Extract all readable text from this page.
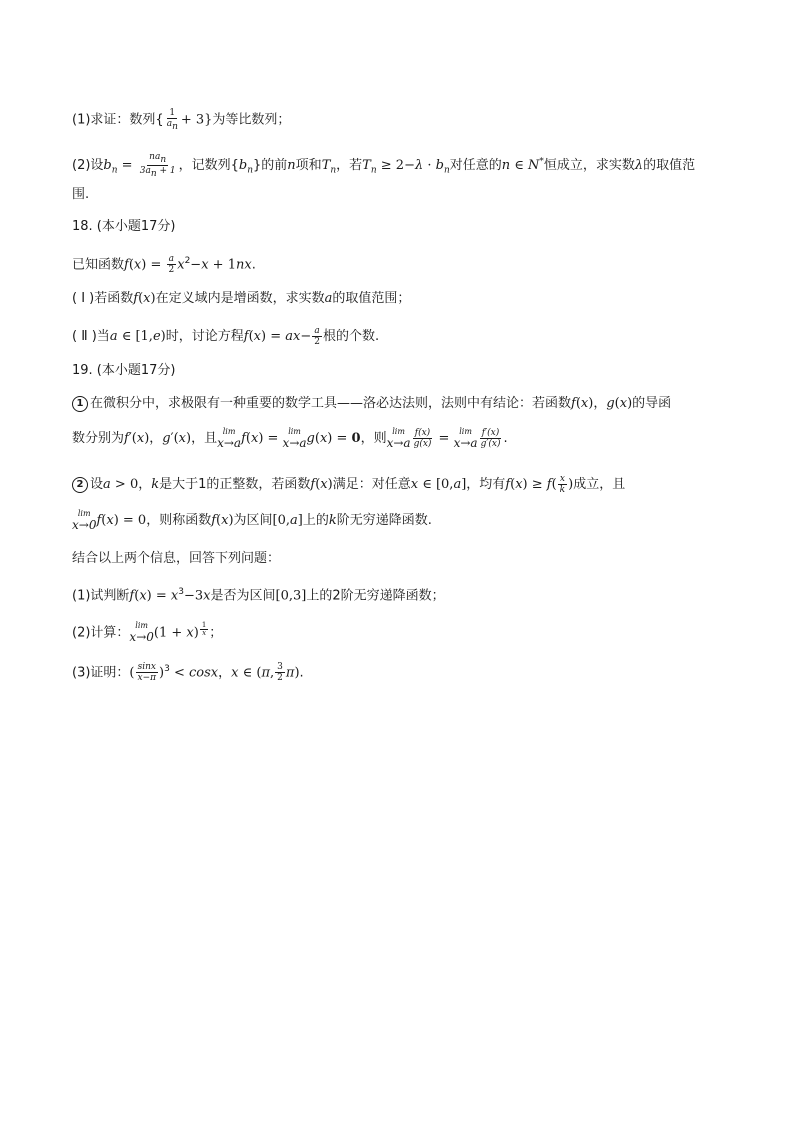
(1)求证：数列{ $\frac{1}{a_n} + 3$}为等比数列；
(2)设$b_n = \frac{na_n}{3a_n + 1}$ ，记数列$\{b_n\}$的前n项和$T_n$，若$T_n \ge 2-\lambda \cdot b_n$对任意的n ∈ N*恒成立，求实数λ的取值范
围.
18. (本小题17分)
已知函数$f(x) = \frac{a}{2} x^2-x + 1nx$.
( Ⅰ )若函数f(x)在定义域内是增函数，求实数a的取值范围；
( Ⅱ )当a ∈ [1,e)时，讨论方程$f(x) = ax- \frac{a}{2}$ 根的个数.
19. (本小题17分)
1 在微积分中，求极限有一种重要的数学工具——洛必达法则，法则中有结论：若函数f(x)，g(x)的导函
数分别为f′(x)，g′(x)，且 lim
x→a f(x) = lim
x→a g(x) = 0，则 lim
$x\to a \frac{f(x)}{g(x)} = \lim$
$x\to a \frac{f'(x)}{g'(x)}$ .
2 设a > 0，k是大于1的正整数，若函数f(x)满足：对任意x ∈ [0,a]，均有$f(x) \ge f( \frac{x}{k}$ )成立，且
lim
x→0 f(x) = 0，则称函数f(x)为区间[0,a]上的k阶无穷递降函数.
结合以上两个信息，回答下列问题：
(1)试判断$f(x) = x^3-3x$是否为区间[0,3]上的2阶无穷递降函数；
(2)计算： lim
x→0 (1 + x) $^{\frac{1}{x}}$ ；
(3)证明：( $\frac{\sin x}{x-\pi} )^3 < \cos x$，x ∈ (π, $\frac{3}{2} \pi$).
